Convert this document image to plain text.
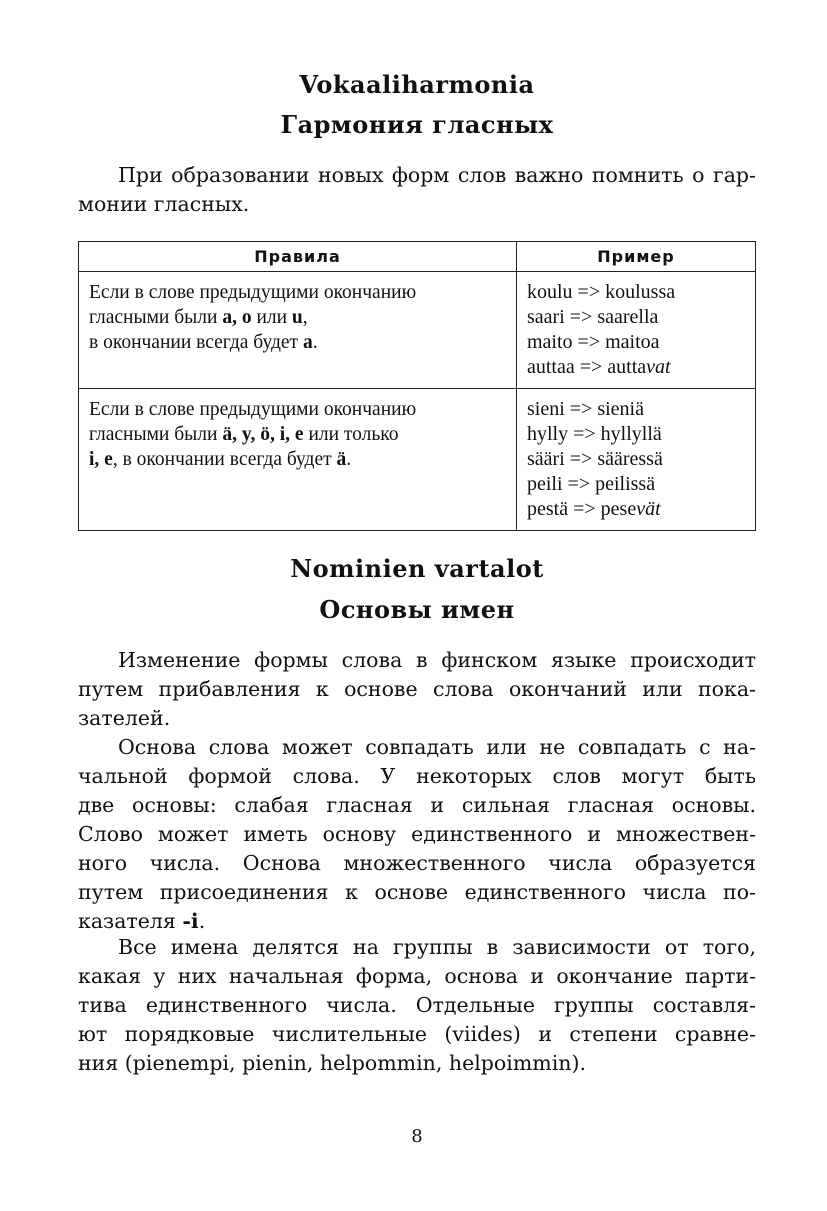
Vokaaliharmonia
Гармония гласных

При образовании новых форм слов важно помнить о гар-
монии гласных.

Правила	Пример

Если в слове предыдущими окончанию
гласными были a, o или u,
в окончании всегда будет a.	koulu => koulussa
saari => saarella
maito => maitoa
auttaa => auttavat

Если в слове предыдущими окончанию
гласными были ä, y, ö, i, e или только
i, e, в окончании всегда будет ä.	sieni => sieniä
hylly => hyllyllä
sääri => sääressä
peili => peilissä
pestä => pesevät
Nominien vartalot
Основы имен

Изменение формы слова в финском языке происходит
путем прибавления к основе слова окончаний или пока-
зателей.

Основа слова может совпадать или не совпадать с на-
чальной формой слова. У некоторых слов могут быть
две основы: слабая гласная и сильная гласная основы.
Слово может иметь основу единственного и множествен-
ного числа. Основа множественного числа образуется
путем присоединения к основе единственного числа по-
казателя -i.

Все имена делятся на группы в зависимости от того,
какая у них начальная форма, основа и окончание парти-
тива единственного числа. Отдельные группы составля-
ют порядковые числительные (viides) и степени сравне-
ния (pienempi, pienin, helpommin, helpoimmin).

8
